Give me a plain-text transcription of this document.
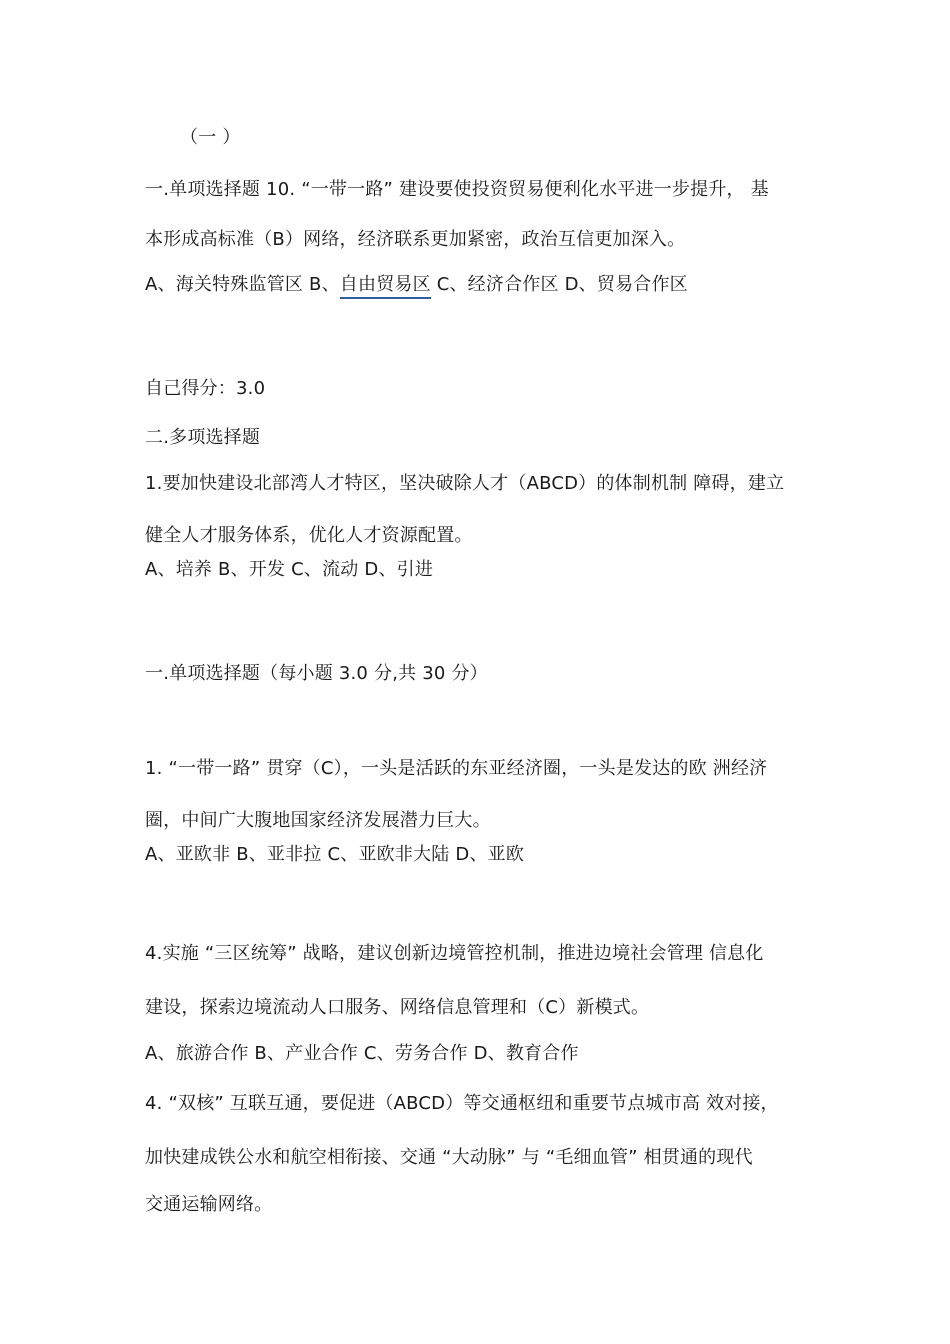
（一 ）
一.单项选择题 10. “一带一路” 建设要使投资贸易便利化水平进一步提升， 基
本形成高标准（B）网络，经济联系更加紧密，政治互信更加深入。
A、海关特殊监管区 B、自由贸易区 C、经济合作区 D、贸易合作区
自己得分：3.0
二.多项选择题
1.要加快建设北部湾人才特区，坚决破除人才（ABCD）的体制机制 障碍，建立
健全人才服务体系，优化人才资源配置。
A、培养 B、开发 C、流动 D、引进
一.单项选择题（每小题 3.0 分,共 30 分）
1. “一带一路” 贯穿（C），一头是活跃的东亚经济圈，一头是发达的欧 洲经济
圈，中间广大腹地国家经济发展潜力巨大。
A、亚欧非 B、亚非拉 C、亚欧非大陆 D、亚欧
4.实施 “三区统筹” 战略，建议创新边境管控机制，推进边境社会管理 信息化
建设，探索边境流动人口服务、网络信息管理和（C）新模式。
A、旅游合作 B、产业合作 C、劳务合作 D、教育合作
4. “双核” 互联互通，要促进（ABCD）等交通枢纽和重要节点城市高 效对接，
加快建成铁公水和航空相衔接、交通 “大动脉” 与 “毛细血管” 相贯通的现代
交通运输网络。
